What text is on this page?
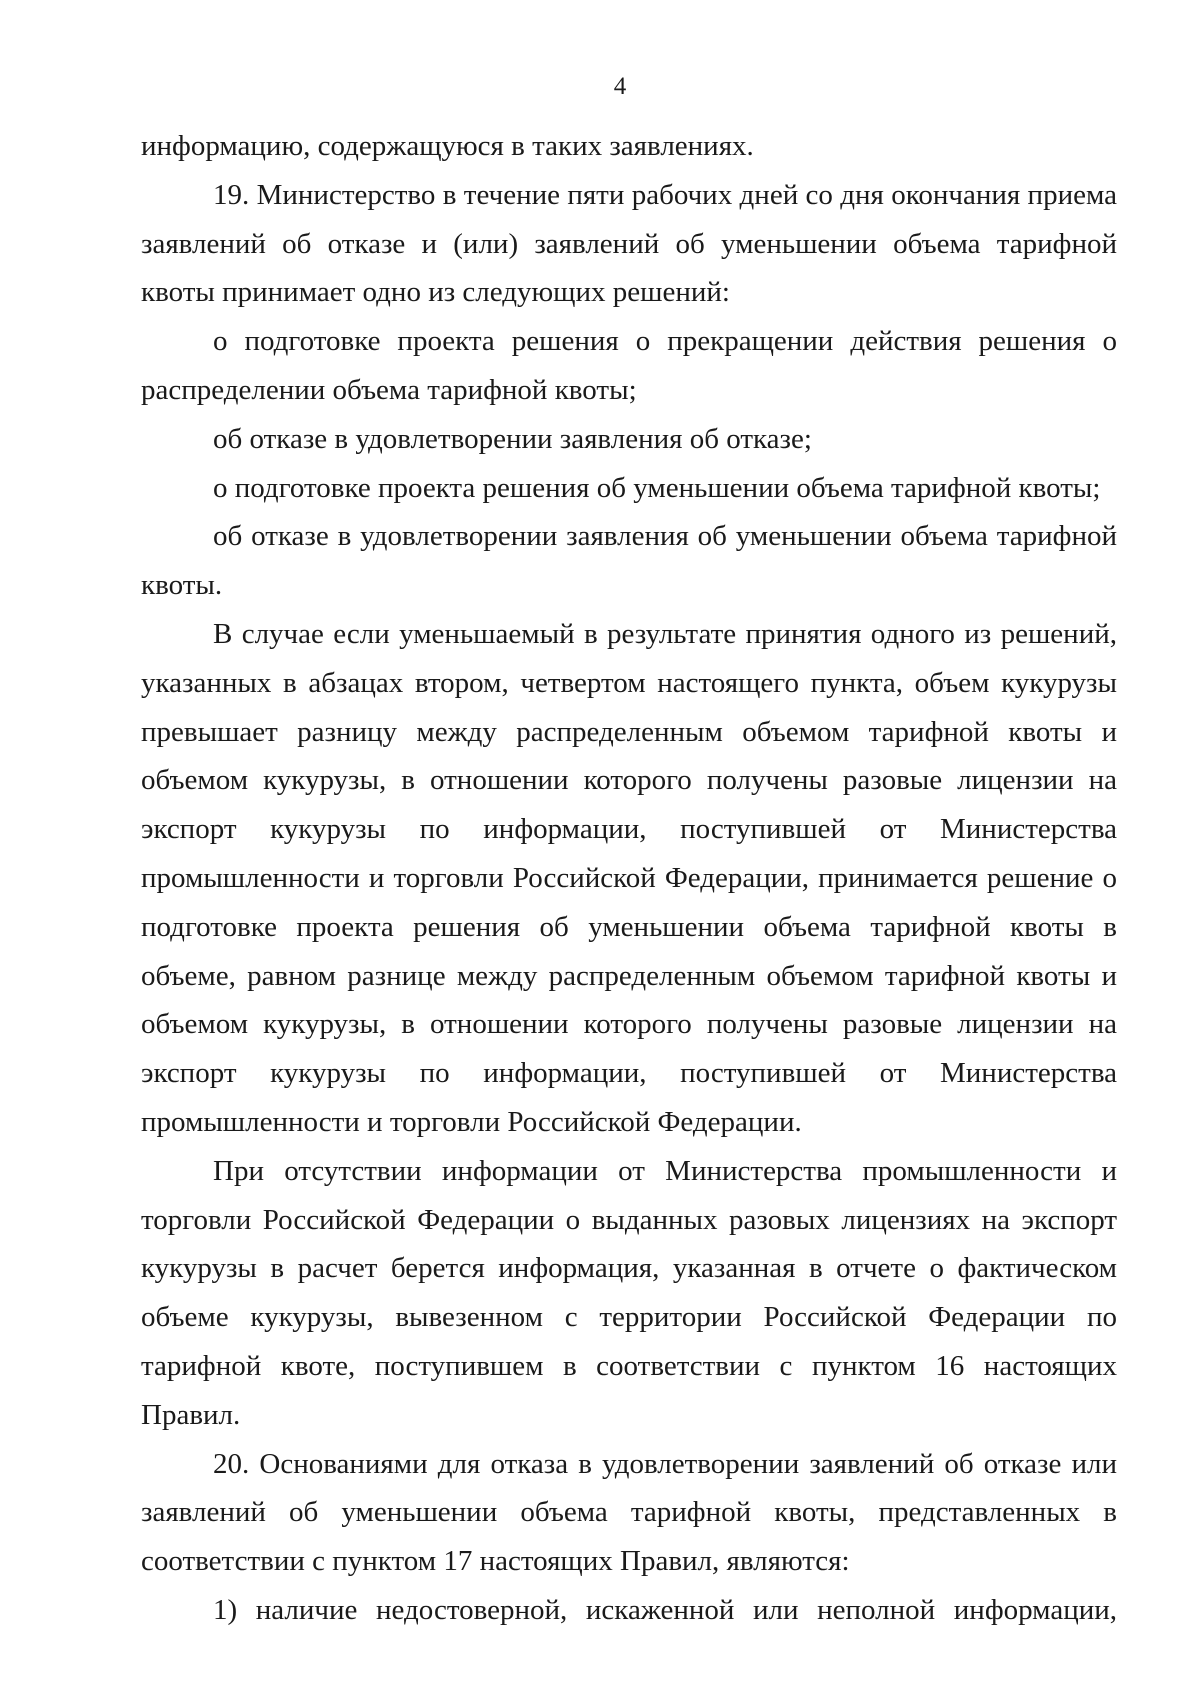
4

информацию, содержащуюся в таких заявлениях.

19. Министерство в течение пяти рабочих дней со дня окончания приема заявлений об отказе и (или) заявлений об уменьшении объема тарифной квоты принимает одно из следующих решений:

о подготовке проекта решения о прекращении действия решения о распределении объема тарифной квоты;

об отказе в удовлетворении заявления об отказе;

о подготовке проекта решения об уменьшении объема тарифной квоты;

об отказе в удовлетворении заявления об уменьшении объема тарифной квоты.

В случае если уменьшаемый в результате принятия одного из решений, указанных в абзацах втором, четвертом настоящего пункта, объем кукурузы превышает разницу между распределенным объемом тарифной квоты и объемом кукурузы, в отношении которого получены разовые лицензии на экспорт кукурузы по информации, поступившей от Министерства промышленности и торговли Российской Федерации, принимается решение о подготовке проекта решения об уменьшении объема тарифной квоты в объеме, равном разнице между распределенным объемом тарифной квоты и объемом кукурузы, в отношении которого получены разовые лицензии на экспорт кукурузы по информации, поступившей от Министерства промышленности и торговли Российской Федерации.

При отсутствии информации от Министерства промышленности и торговли Российской Федерации о выданных разовых лицензиях на экспорт кукурузы в расчет берется информация, указанная в отчете о фактическом объеме кукурузы, вывезенном с территории Российской Федерации по тарифной квоте, поступившем в соответствии с пунктом 16 настоящих Правил.

20. Основаниями для отказа в удовлетворении заявлений об отказе или заявлений об уменьшении объема тарифной квоты, представленных в соответствии с пунктом 17 настоящих Правил, являются:

1) наличие недостоверной, искаженной или неполной информации,
